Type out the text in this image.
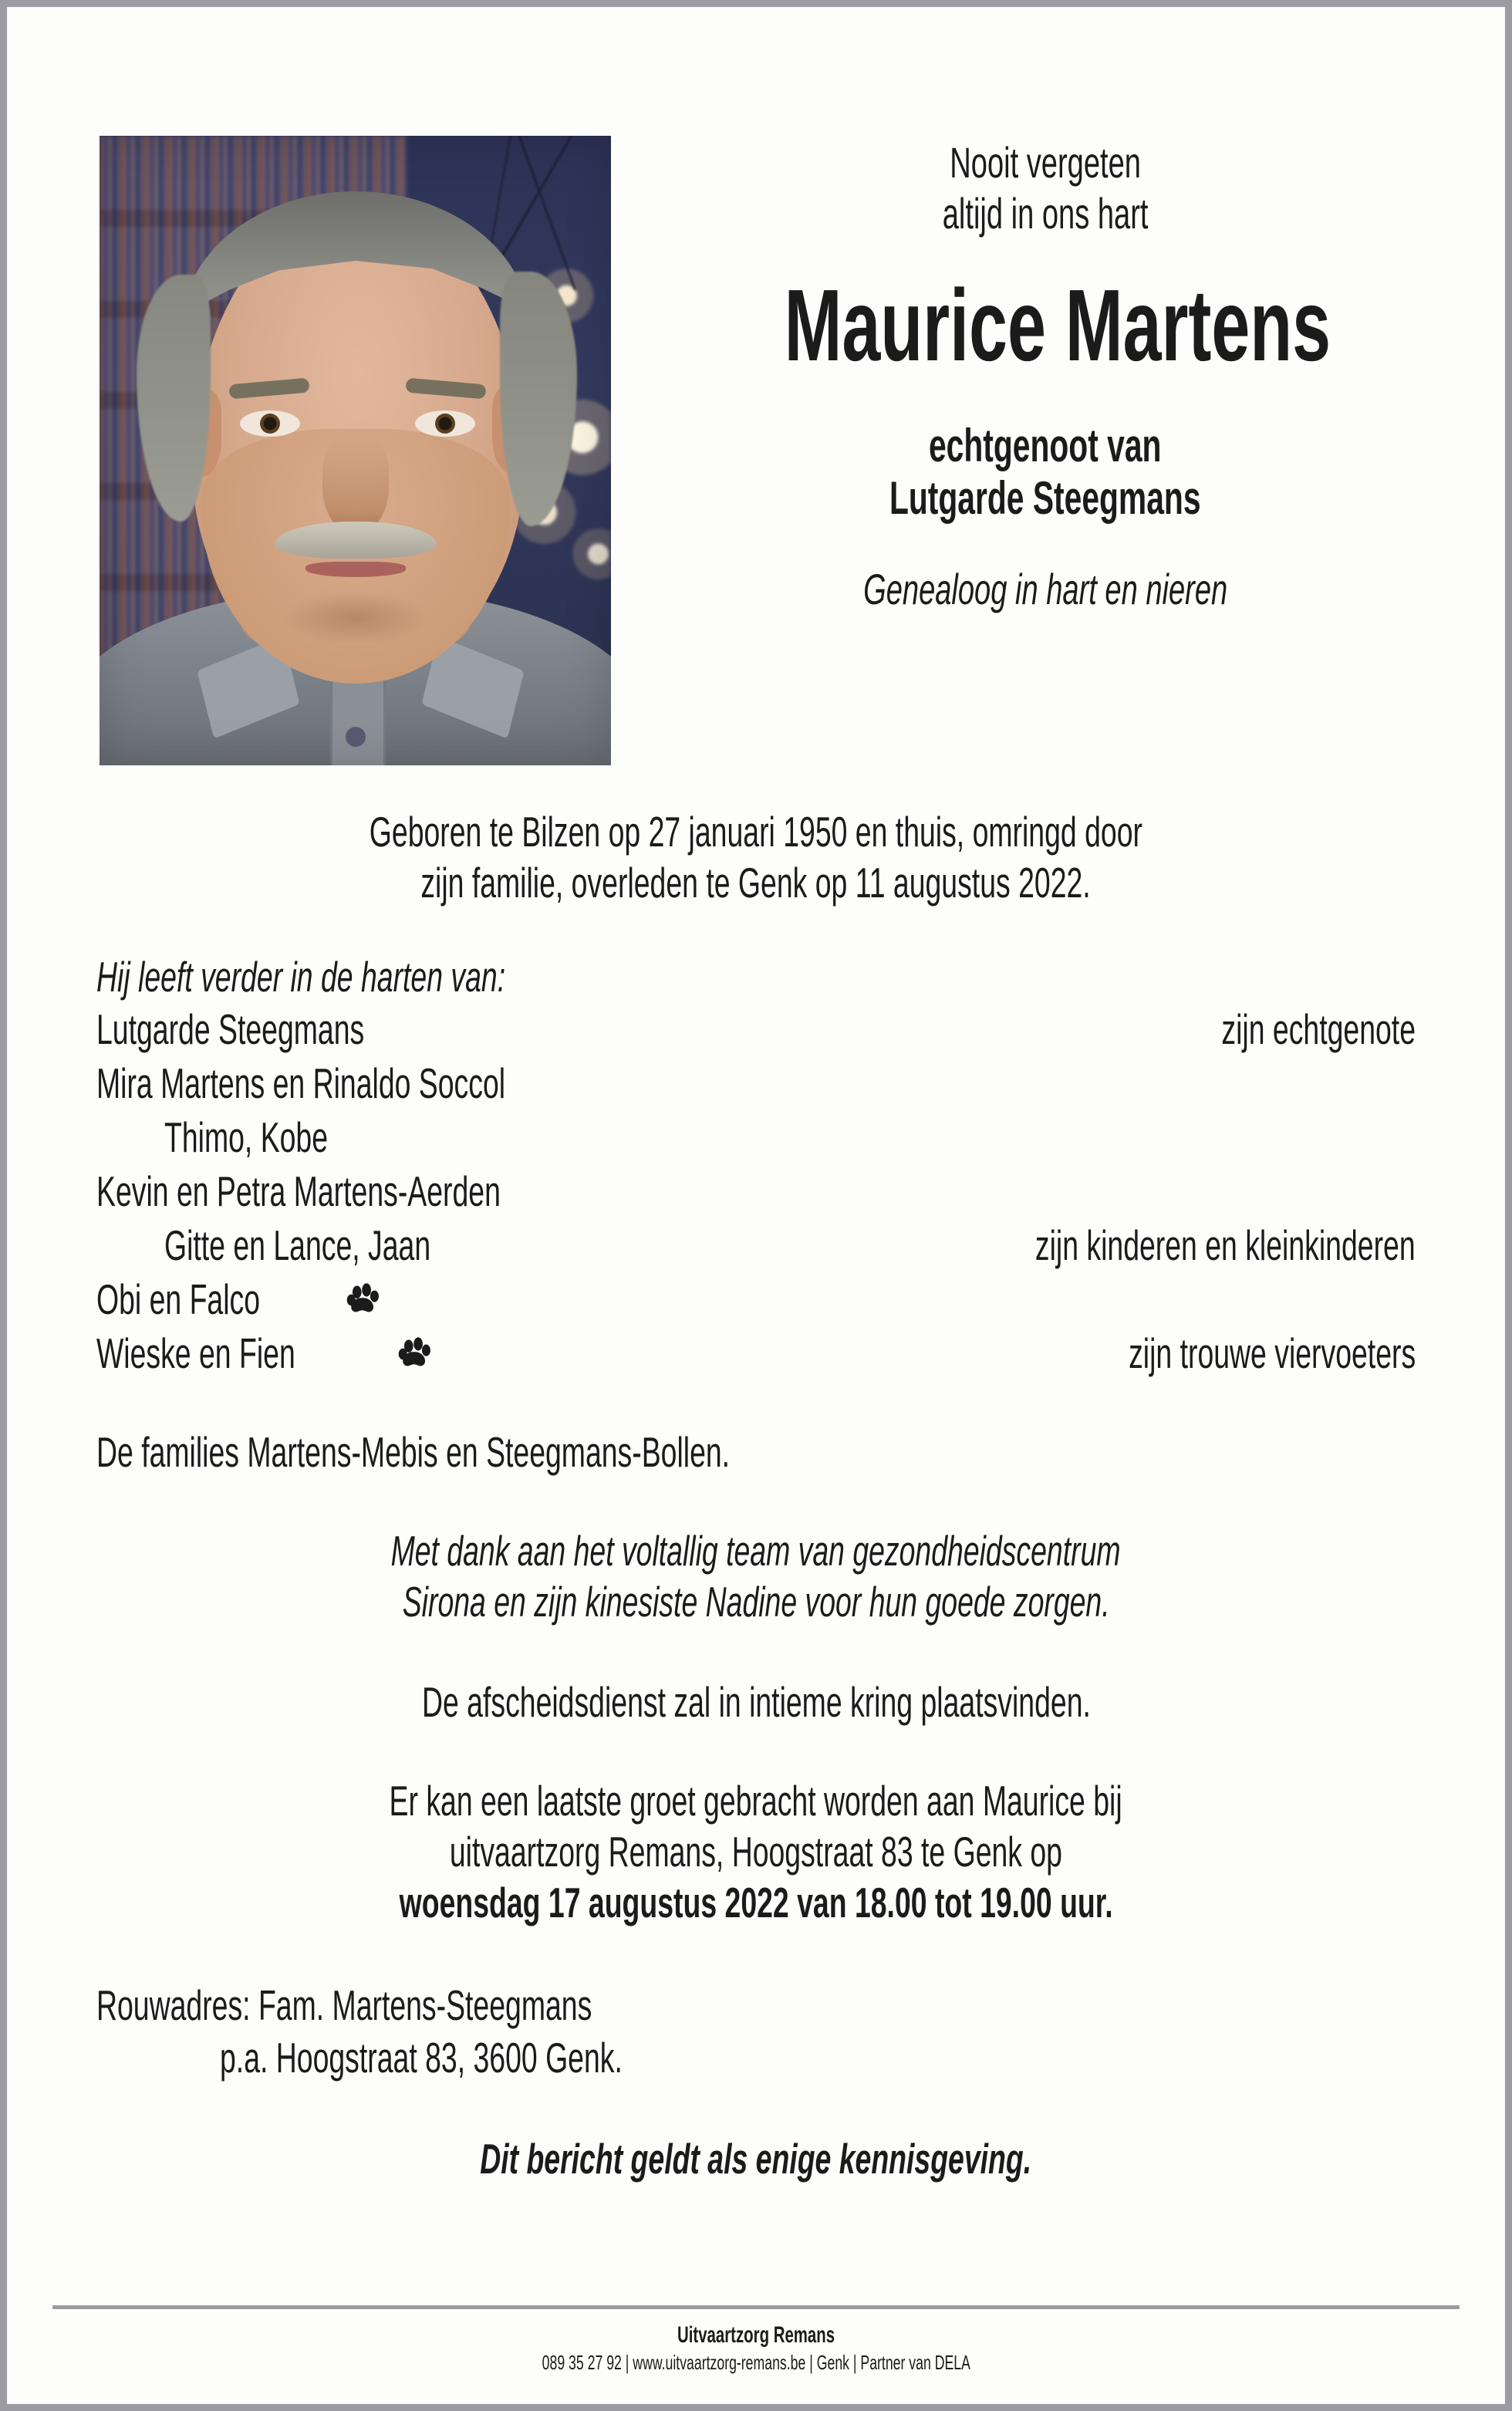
Nooit vergeten
altijd in ons hart
Maurice Martens
echtgenoot van
Lutgarde Steegmans
Genealoog in hart en nieren
Geboren te Bilzen op 27 januari 1950 en thuis, omringd door
zijn familie, overleden te Genk op 11 augustus 2022.
Hij leeft verder in de harten van:
Lutgarde Steegmans	zijn echtgenote
Mira Martens en Rinaldo Soccol
Thimo, Kobe
Kevin en Petra Martens-Aerden
Gitte en Lance, Jaan	zijn kinderen en kleinkinderen
Obi en Falco
Wieske en Fien	zijn trouwe viervoeters
De families Martens-Mebis en Steegmans-Bollen.
Met dank aan het voltallig team van gezondheidscentrum
Sirona en zijn kinesiste Nadine voor hun goede zorgen.
De afscheidsdienst zal in intieme kring plaatsvinden.
Er kan een laatste groet gebracht worden aan Maurice bij
uitvaartzorg Remans, Hoogstraat 83 te Genk op
woensdag 17 augustus 2022 van 18.00 tot 19.00 uur.
Rouwadres: Fam. Martens-Steegmans
p.a. Hoogstraat 83, 3600 Genk.
Dit bericht geldt als enige kennisgeving.
Uitvaartzorg Remans
089 35 27 92 | www.uitvaartzorg-remans.be | Genk | Partner van DELA
